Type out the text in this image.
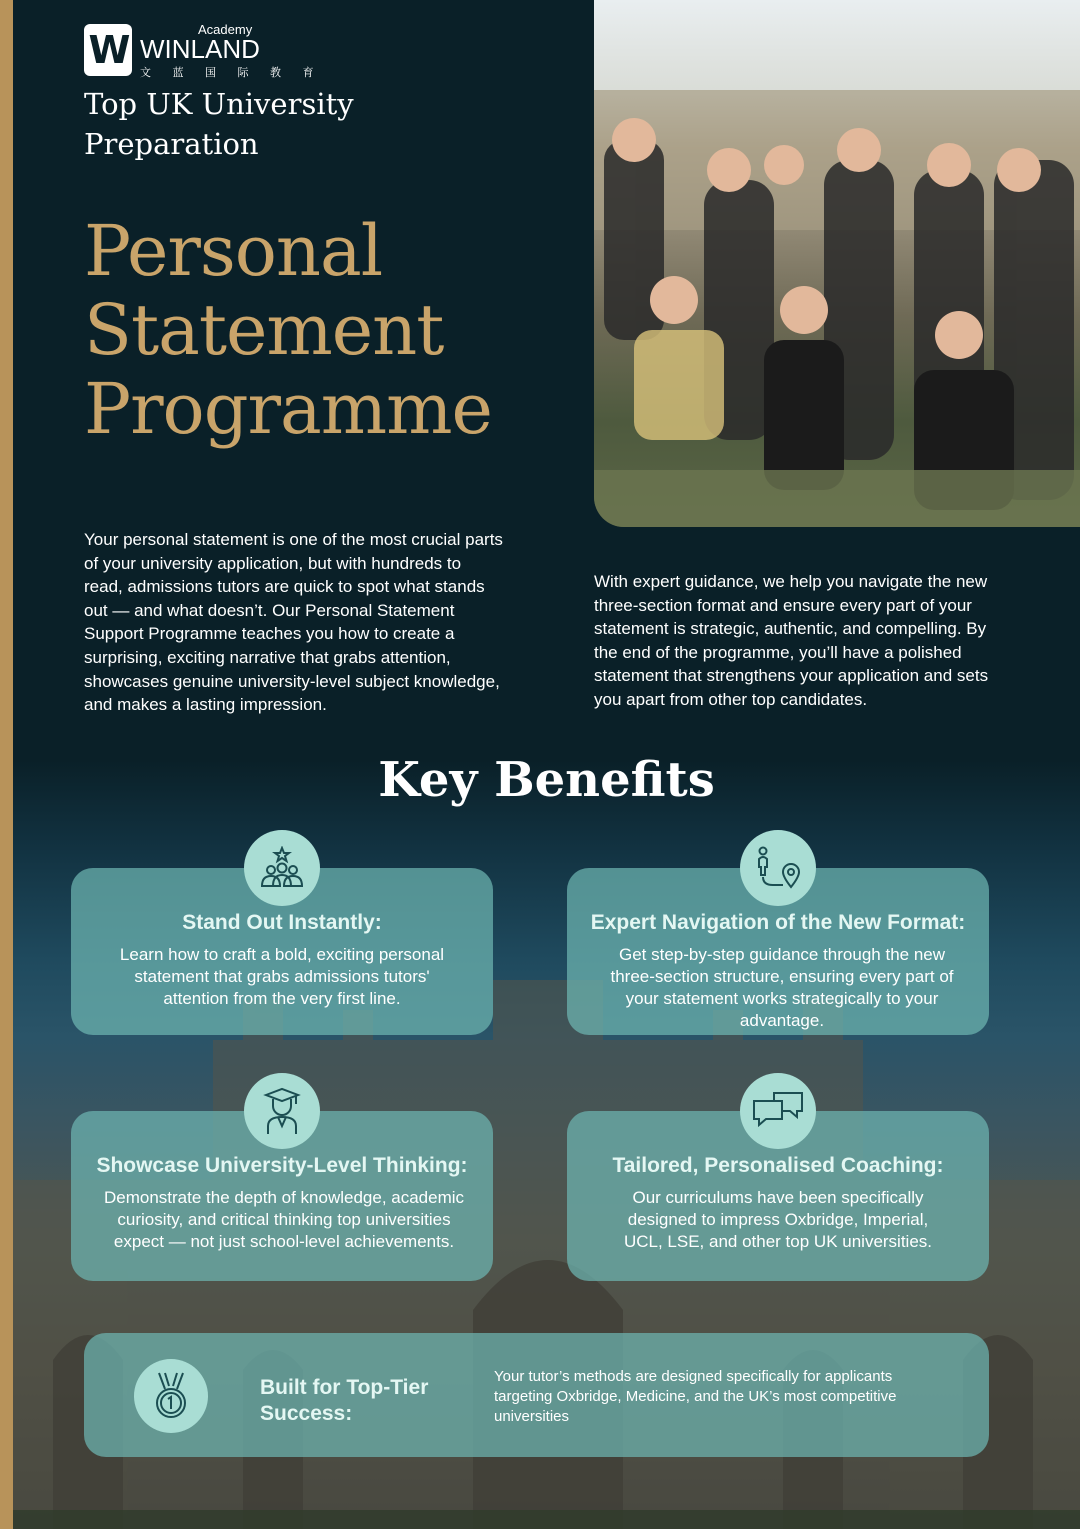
W	Academy
WINLAND
文 蓝 国 际 教 育
Top UK University
Preparation
Personal
Statement
Programme

Your personal statement is one of the most crucial parts of your university application, but with hundreds to read, admissions tutors are quick to spot what stands out — and what doesn’t. Our Personal Statement Support Programme teaches you how to create a surprising, exciting narrative that grabs attention, showcases genuine university-level subject knowledge, and makes a lasting impression.

With expert guidance, we help you navigate the new three-section format and ensure every part of your statement is strategic, authentic, and compelling. By the end of the programme, you’ll have a polished statement that strengthens your application and sets you apart from other top candidates.

Key Benefits
Stand Out Instantly:
Learn how to craft a bold, exciting personal statement that grabs admissions tutors' attention from the very first line.
Expert Navigation of the New Format:
Get step-by-step guidance through the new three-section structure, ensuring every part of your statement works strategically to your advantage.
Showcase University-Level Thinking:
Demonstrate the depth of knowledge, academic curiosity, and critical thinking top universities expect — not just school-level achievements.
Tailored, Personalised Coaching:
Our curriculums have been specifically designed to impress Oxbridge, Imperial, UCL, LSE, and other top UK universities.
Built for Top-Tier Success:
Your tutor’s methods are designed specifically for applicants targeting Oxbridge, Medicine, and the UK’s most competitive universities
